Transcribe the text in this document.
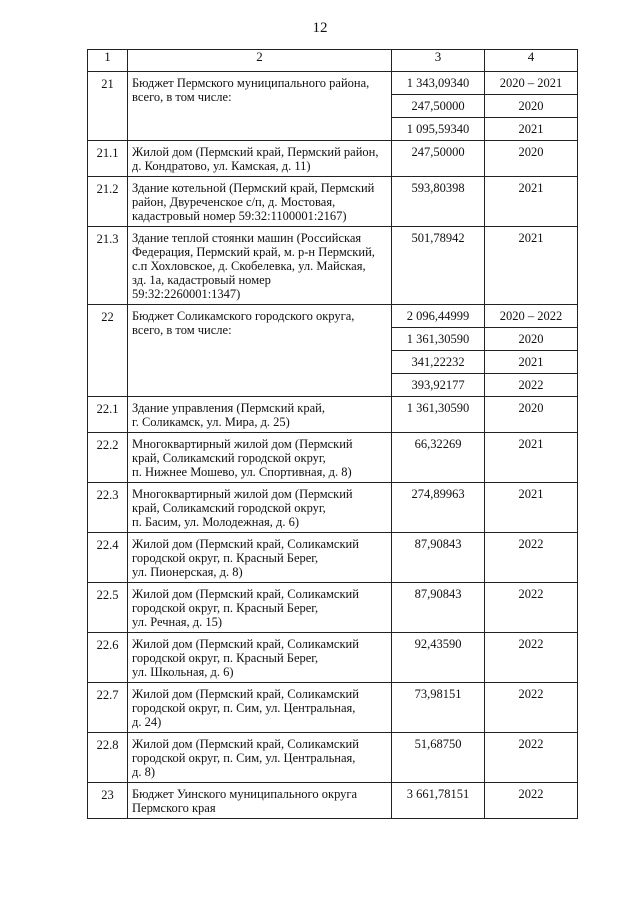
12
1	2	3	4
21	Бюджет Пермского муниципального района,
всего, в том числе:	1 343,09340	2020 – 2021
		247,50000	2020
		1 095,59340	2021
21.1	Жилой дом (Пермский край, Пермский район,
д. Кондратово, ул. Камская, д. 11)	247,50000	2020
21.2	Здание котельной (Пермский край, Пермский
район, Двуреченское с/п, д. Мостовая,
кадастровый номер 59:32:1100001:2167)	593,80398	2021
21.3	Здание теплой стоянки машин (Российская
Федерация, Пермский край, м. р-н Пермский,
с.п Хохловское, д. Скобелевка, ул. Майская,
зд. 1а, кадастровый номер
59:32:2260001:1347)	501,78942	2021
22	Бюджет Соликамского городского округа,
всего, в том числе:	2 096,44999	2020 – 2022
		1 361,30590	2020
		341,22232	2021
		393,92177	2022
22.1	Здание управления (Пермский край,
г. Соликамск, ул. Мира, д. 25)	1 361,30590	2020
22.2	Многоквартирный жилой дом (Пермский
край, Соликамский городской округ,
п. Нижнее Мошево, ул. Спортивная, д. 8)	66,32269	2021
22.3	Многоквартирный жилой дом (Пермский
край, Соликамский городской округ,
п. Басим, ул. Молодежная, д. 6)	274,89963	2021
22.4	Жилой дом (Пермский край, Соликамский
городской округ, п. Красный Берег,
ул. Пионерская, д. 8)	87,90843	2022
22.5	Жилой дом (Пермский край, Соликамский
городской округ, п. Красный Берег,
ул. Речная, д. 15)	87,90843	2022
22.6	Жилой дом (Пермский край, Соликамский
городской округ, п. Красный Берег,
ул. Школьная, д. 6)	92,43590	2022
22.7	Жилой дом (Пермский край, Соликамский
городской округ, п. Сим, ул. Центральная,
д. 24)	73,98151	2022
22.8	Жилой дом (Пермский край, Соликамский
городской округ, п. Сим, ул. Центральная,
д. 8)	51,68750	2022
23	Бюджет Уинского муниципального округа
Пермского края	3 661,78151	2022
